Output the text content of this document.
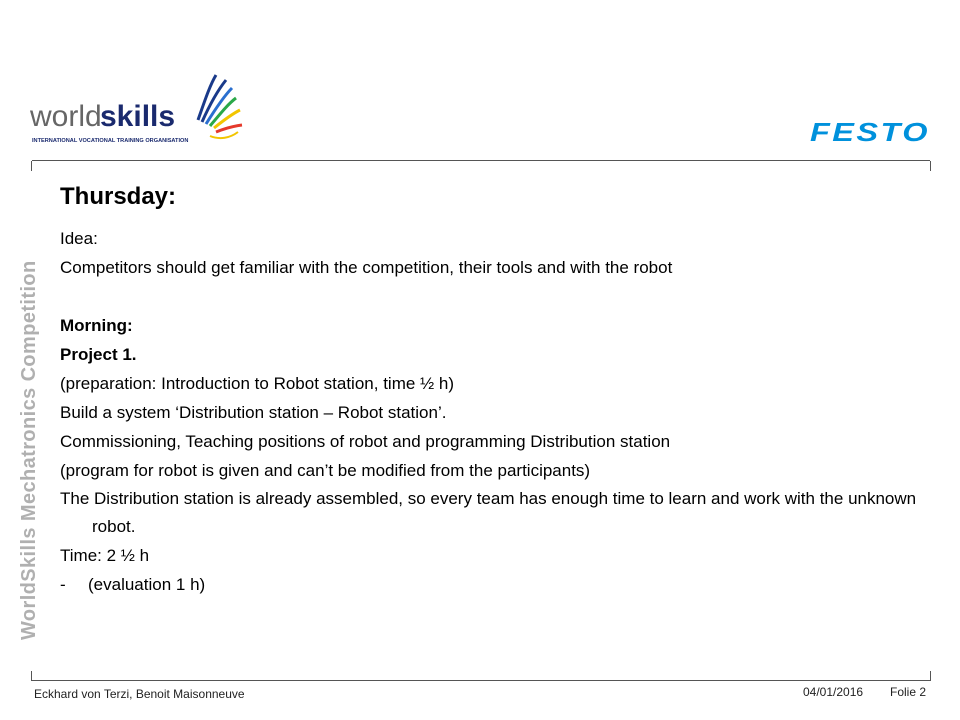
world
skills
INTERNATIONAL VOCATIONAL TRAINING ORGANISATION	FESTO
WorldSkills Mechatronics Competition
Thursday:

Idea:

Competitors should get familiar with the competition, their tools and with the robot

Morning:

Project 1.

(preparation: Introduction to Robot station, time ½ h)

Build a system ‘Distribution station – Robot station’.

Commissioning, Teaching positions of robot and programming Distribution station

(program for robot is given and can’t be modified from the participants)

The Distribution station is already assembled, so every team has enough time to learn and work with the unknown robot.

Time: 2 ½ h

- (evaluation 1 h)

Eckhard von Terzi, Benoit Maisonneuve	04/01/2016 Folie 2
